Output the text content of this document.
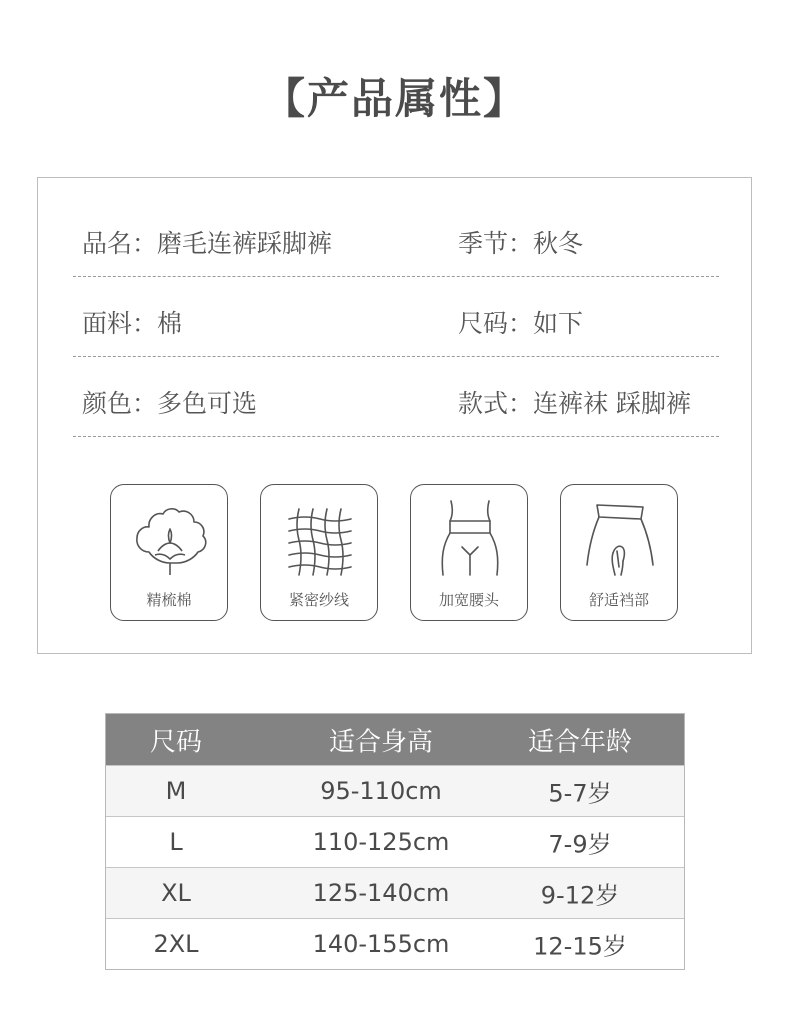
【产品属性】
品名：磨毛连裤踩脚裤	季节：秋冬
面料：棉	尺码：如下
颜色：多色可选	款式：连裤袜 踩脚裤
精梳棉	紧密纱线	加宽腰头	舒适裆部
尺码	适合身高	适合年龄
M	95-110cm	5-7岁
L	110-125cm	7-9岁
XL	125-140cm	9-12岁
2XL	140-155cm	12-15岁
